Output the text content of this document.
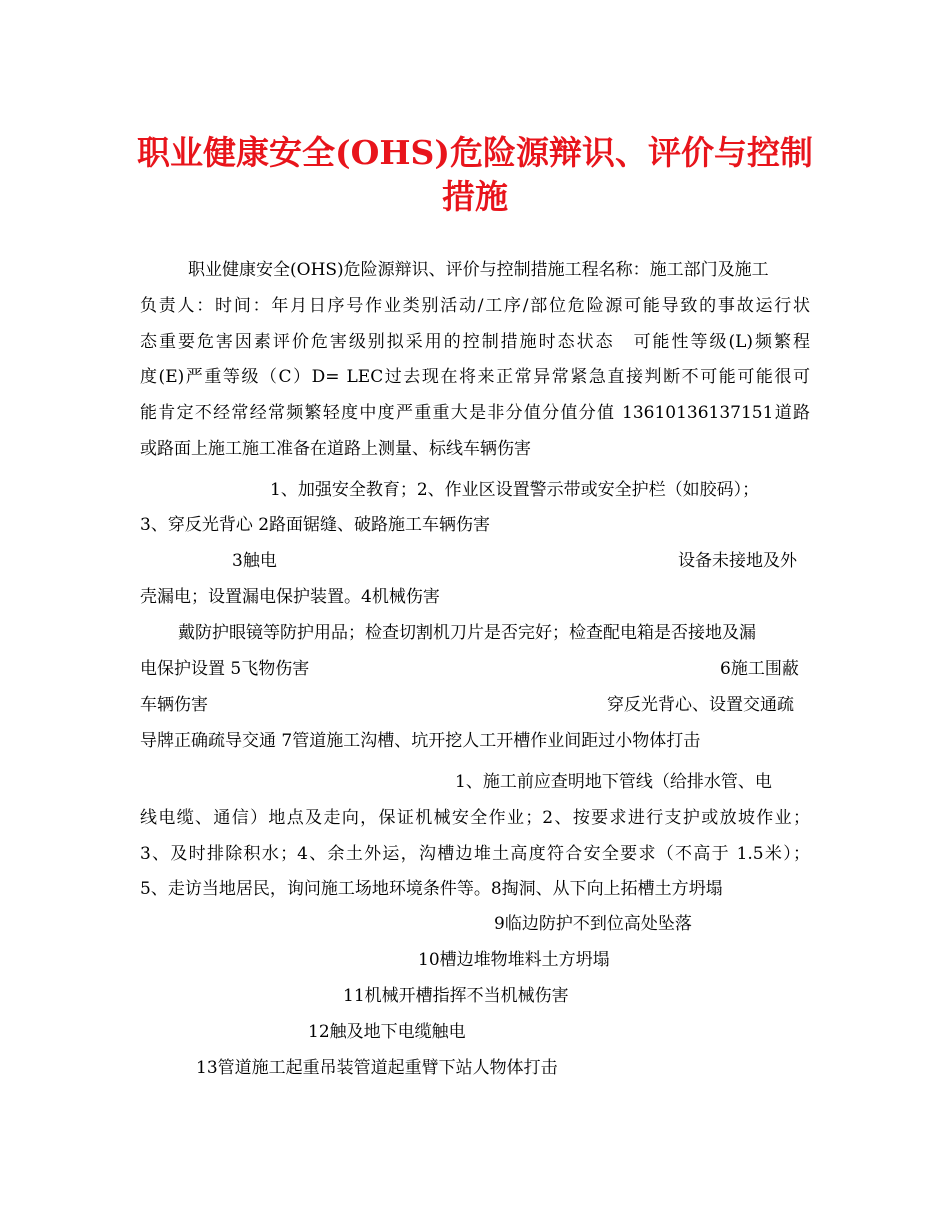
职业健康安全(OHS)危险源辩识、评价与控制
措施
职业健康安全(OHS)危险源辩识、评价与控制措施工程名称：施工部门及施工
负责人：时间：年月日序号作业类别活动/工序/部位危险源可能导致的事故运行状
态重要危害因素评价危害级别拟采用的控制措施时态状态　可能性等级(L)频繁程
度(E)严重等级（C）D= LEC过去现在将来正常异常紧急直接判断不可能可能很可
能肯定不经常经常频繁轻度中度严重重大是非分值分值分值 13610136137151道路
或路面上施工施工准备在道路上测量、标线车辆伤害
1、加强安全教育；2、作业区设置警示带或安全护栏（如胶码）；
3、穿反光背心 2路面锯缝、破路施工车辆伤害
3触电	设备未接地及外
壳漏电；设置漏电保护装置。4机械伤害
戴防护眼镜等防护用品；检查切割机刀片是否完好；检查配电箱是否接地及漏
电保护设置 5飞物伤害	6施工围蔽
车辆伤害	穿反光背心、设置交通疏
导牌正确疏导交通 7管道施工沟槽、坑开挖人工开槽作业间距过小物体打击
1、施工前应查明地下管线（给排水管、电
线电缆、通信）地点及走向，保证机械安全作业；2、按要求进行支护或放坡作业；
3、及时排除积水；4、余土外运，沟槽边堆土高度符合安全要求（不高于 1.5米）；
5、走访当地居民，询问施工场地环境条件等。8掏洞、从下向上拓槽土方坍塌
9临边防护不到位高处坠落
10槽边堆物堆料土方坍塌
11机械开槽指挥不当机械伤害
12触及地下电缆触电
13管道施工起重吊装管道起重臂下站人物体打击
